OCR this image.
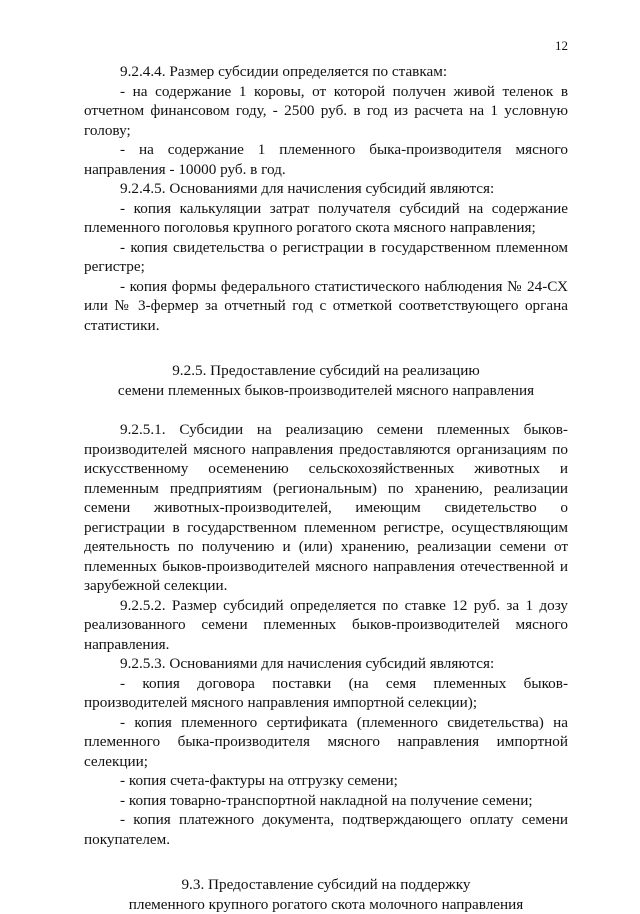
12

9.2.4.4. Размер субсидии определяется по ставкам:

- на содержание 1 коровы, от которой получен живой теленок в отчетном финансовом году, - 2500 руб. в год из расчета на 1 условную голову;

- на содержание 1 племенного быка-производителя мясного направления - 10000 руб. в год.

9.2.4.5. Основаниями для начисления субсидий являются:

- копия калькуляции затрат получателя субсидий на содержание племенного поголовья крупного рогатого скота мясного направления;

- копия свидетельства о регистрации в государственном племенном регистре;

- копия формы федерального статистического наблюдения № 24-СХ или № 3-фермер за отчетный год с отметкой соответствующего органа статистики.

9.2.5. Предоставление субсидий на реализацию

семени племенных быков-производителей мясного направления

9.2.5.1. Субсидии на реализацию семени племенных быков-производителей мясного направления предоставляются организациям по искусственному осеменению сельскохозяйственных животных и племенным предприятиям (региональным) по хранению, реализации семени животных-производителей, имеющим свидетельство о регистрации в государственном племенном регистре, осуществляющим деятельность по получению и (или) хранению, реализации семени от племенных быков-производителей мясного направления отечественной и зарубежной селекции.

9.2.5.2. Размер субсидий определяется по ставке 12 руб. за 1 дозу реализованного семени племенных быков-производителей мясного направления.

9.2.5.3. Основаниями для начисления субсидий являются:

- копия договора поставки (на семя племенных быков-производителей мясного направления импортной селекции);

- копия племенного сертификата (племенного свидетельства) на племенного быка-производителя мясного направления импортной селекции;

- копия счета-фактуры на отгрузку семени;

- копия товарно-транспортной накладной на получение семени;

- копия платежного документа, подтверждающего оплату семени покупателем.

9.3. Предоставление субсидий на поддержку

племенного крупного рогатого скота молочного направления
